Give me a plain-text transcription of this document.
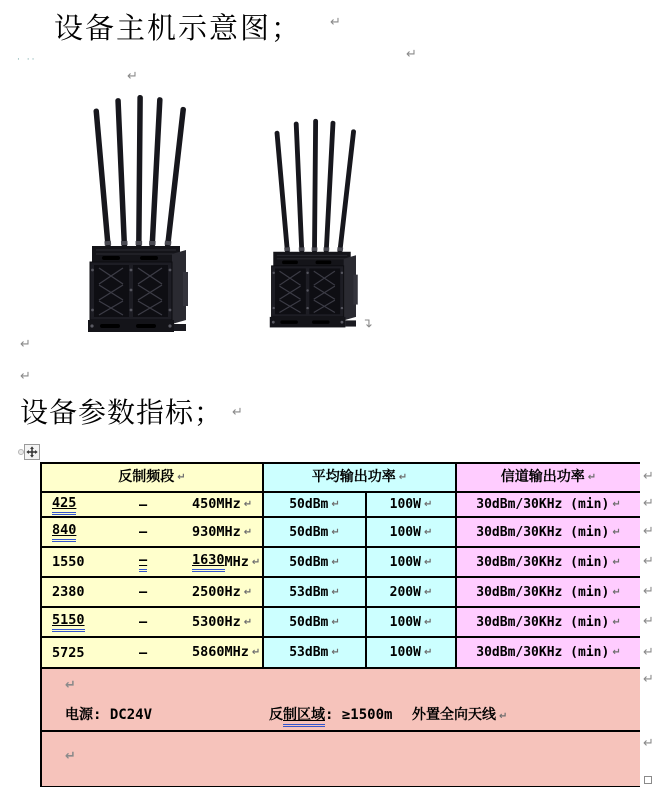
设备主机示意图； ↵
· ··	↵
↵
↵
↵
↵
设备参数指标； ↵
反制频段 ↵	平均输出功率 ↵	信道输出功率 ↵
425	–	450 MHz ↵	50dBm ↵	100W ↵	30dBm/30KHz (min) ↵
840	–	930 MHz ↵	50dBm ↵	100W ↵	30dBm/30KHz (min) ↵
1550	–	1630 MHz ↵ 50dBm ↵	100W ↵	30dBm/30KHz (min) ↵
2380	–	2500 Hz ↵	53dBm ↵	200W ↵	30dBm/30KHz (min) ↵
5150	–	5300 Hz ↵	50dBm ↵	100W ↵	30dBm/30KHz (min) ↵
5725	—	5860 MHz ↵ 53dBm ↵	100W ↵	30dBm/30KHz (min) ↵
↵
电源: DC24V	反制区域: ≥1500m 外置全向天线 ↵
↵
↵
↵
↵
↵
↵
↵
↵
↵
↵
